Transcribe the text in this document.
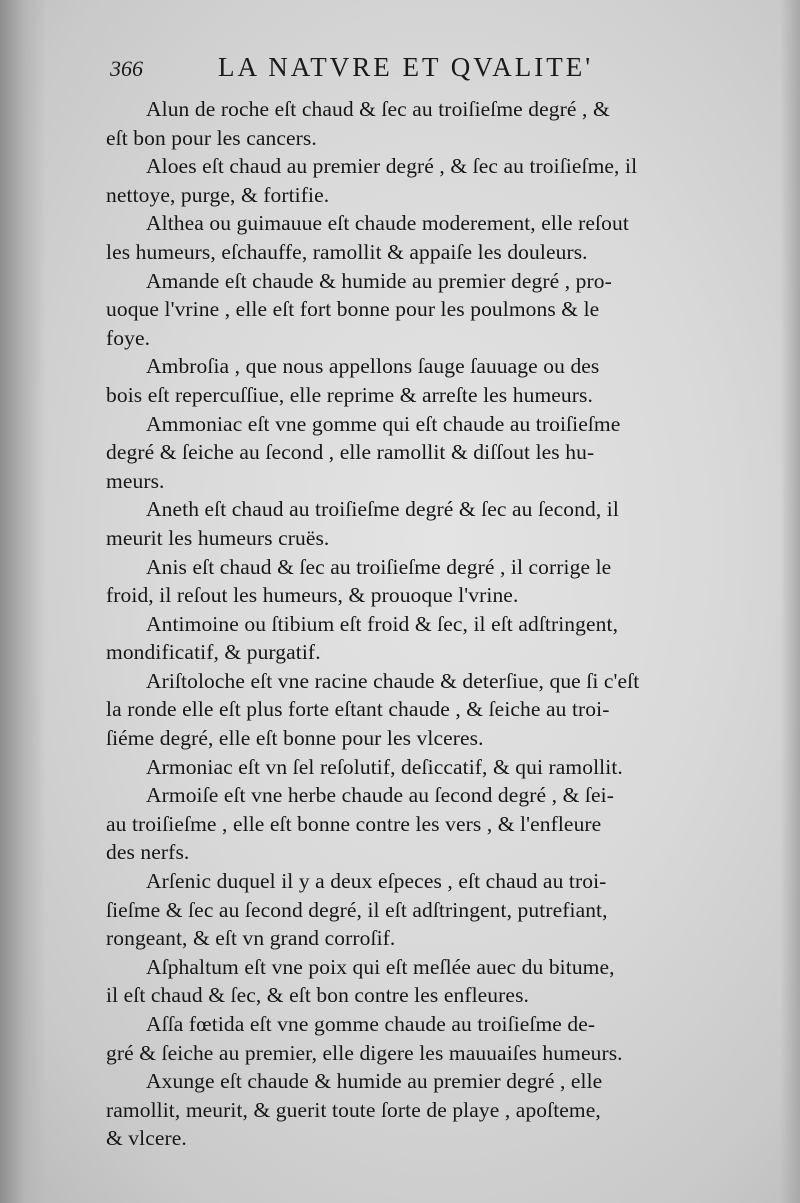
366	LA NATVRE ET QVALITE'

Alun de roche eſt chaud & ſec au troiſieſme degré , &
eſt bon pour les cancers.

Aloes eſt chaud au premier degré , & ſec au troiſieſme, il
nettoye, purge, & fortifie.

Althea ou guimauue eſt chaude moderement, elle reſout
les humeurs, eſchauffe, ramollit & appaiſe les douleurs.

Amande eſt chaude & humide au premier degré , pro-
uoque l'vrine , elle eſt fort bonne pour les poulmons & le
foye.

Ambroſia , que nous appellons ſauge ſauuage ou des
bois eſt repercuſſiue, elle reprime & arreſte les humeurs.

Ammoniac eſt vne gomme qui eſt chaude au troiſieſme
degré & ſeiche au ſecond , elle ramollit & diſſout les hu-
meurs.

Aneth eſt chaud au troiſieſme degré & ſec au ſecond, il
meurit les humeurs cruës.

Anis eſt chaud & ſec au troiſieſme degré , il corrige le
froid, il reſout les humeurs, & prouoque l'vrine.

Antimoine ou ſtibium eſt froid & ſec, il eſt adſtringent,
mondificatif, & purgatif.

Ariſtoloche eſt vne racine chaude & deterſiue, que ſi c'eſt
la ronde elle eſt plus forte eſtant chaude , & ſeiche au troi-
ſiéme degré, elle eſt bonne pour les vlceres.

Armoniac eſt vn ſel reſolutif, deſiccatif, & qui ramollit.

Armoiſe eſt vne herbe chaude au ſecond degré , & ſei-
au troiſieſme , elle eſt bonne contre les vers , & l'enfleure
des nerfs.

Arſenic duquel il y a deux eſpeces , eſt chaud au troi-
ſieſme & ſec au ſecond degré, il eſt adſtringent, putrefiant,
rongeant, & eſt vn grand corroſif.

Aſphaltum eſt vne poix qui eſt meſlée auec du bitume,
il eſt chaud & ſec, & eſt bon contre les enfleures.

Aſſa fœtida eſt vne gomme chaude au troiſieſme de-
gré & ſeiche au premier, elle digere les mauuaiſes humeurs.

Axunge eſt chaude & humide au premier degré , elle
ramollit, meurit, & guerit toute ſorte de playe , apoſteme,
& vlcere.
